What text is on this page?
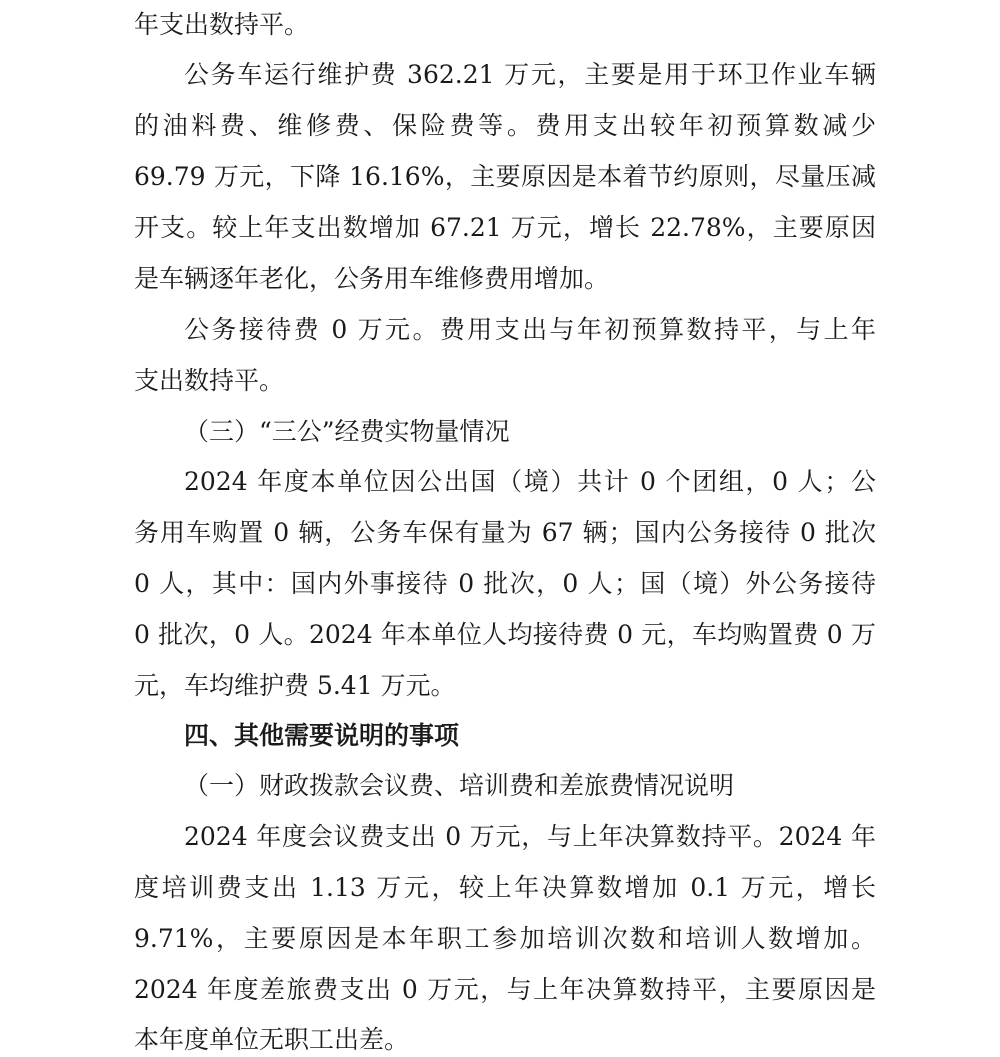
年支出数持平。
公务车运行维护费 362.21 万元，主要是用于环卫作业车辆
的油料费、维修费、保险费等。费用支出较年初预算数减少
69.79 万元，下降 16.16%，主要原因是本着节约原则，尽量压减
开支。较上年支出数增加 67.21 万元，增长 22.78%，主要原因
是车辆逐年老化，公务用车维修费用增加。
公务接待费 0 万元。费用支出与年初预算数持平，与上年
支出数持平。
（三）“三公”经费实物量情况
2024 年度本单位因公出国（境）共计 0 个团组，0 人；公
务用车购置 0 辆，公务车保有量为 67 辆；国内公务接待 0 批次
0 人，其中：国内外事接待 0 批次，0 人；国（境）外公务接待
0 批次，0 人。2024 年本单位人均接待费 0 元，车均购置费 0 万
元，车均维护费 5.41 万元。
四、其他需要说明的事项
（一）财政拨款会议费、培训费和差旅费情况说明
2024 年度会议费支出 0 万元，与上年决算数持平。2024 年
度培训费支出 1.13 万元，较上年决算数增加 0.1 万元，增长
9.71%，主要原因是本年职工参加培训次数和培训人数增加。
2024 年度差旅费支出 0 万元，与上年决算数持平，主要原因是
本年度单位无职工出差。
